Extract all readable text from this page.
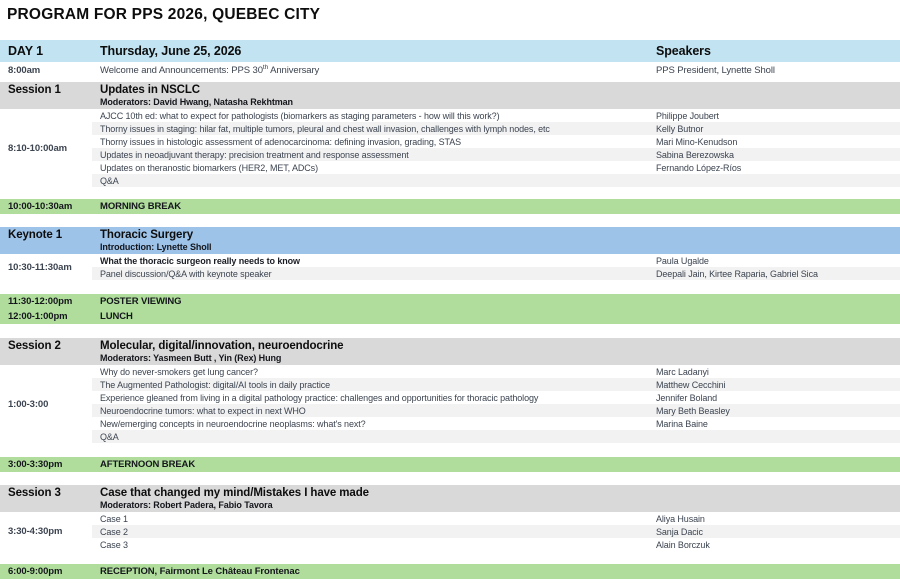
PROGRAM FOR PPS 2026, QUEBEC CITY
DAY 1	Thursday, June 25, 2026	Speakers
8:00am	Welcome and Announcements: PPS 30th Anniversary	PPS President, Lynette Sholl
Session 1	Updates in NSCLC
Moderators: David Hwang, Natasha Rekhtman
8:10-10:00am
AJCC 10th ed: what to expect for pathologists (biomarkers as staging parameters - how will this work?)	Philippe Joubert
Thorny issues in staging: hilar fat, multiple tumors, pleural and chest wall invasion, challenges with lymph nodes, etc	Kelly Butnor
Thorny issues in histologic assessment of adenocarcinoma: defining invasion, grading, STAS	Mari Mino-Kenudson
Updates in neoadjuvant therapy: precision treatment and response assessment	Sabina Berezowska
Updates on theranostic biomarkers (HER2, MET, ADCs)	Fernando López-Ríos
Q&A
10:00-10:30am	MORNING BREAK
Keynote 1	Thoracic Surgery
Introduction: Lynette Sholl
10:30-11:30am
What the thoracic surgeon really needs to know	Paula Ugalde
Panel discussion/Q&A with keynote speaker	Deepali Jain, Kirtee Raparia, Gabriel Sica
11:30-12:00pm	POSTER VIEWING
12:00-1:00pm	LUNCH
Session 2	Molecular, digital/innovation, neuroendocrine
Moderators: Yasmeen Butt , Yin (Rex) Hung
1:00-3:00
Why do never-smokers get lung cancer?	Marc Ladanyi
The Augmented Pathologist: digital/AI tools in daily practice	Matthew Cecchini
Experience gleaned from living in a digital pathology practice: challenges and opportunities for thoracic pathology	Jennifer Boland
Neuroendocrine tumors: what to expect in next WHO	Mary Beth Beasley
New/emerging concepts in neuroendocrine neoplasms: what's next?	Marina Baine
Q&A
3:00-3:30pm	AFTERNOON BREAK
Session 3	Case that changed my mind/Mistakes I have made
Moderators: Robert Padera, Fabio Tavora
3:30-4:30pm
Case 1	Aliya Husain
Case 2	Sanja Dacic
Case 3	Alain Borczuk
6:00-9:00pm	RECEPTION, Fairmont Le Château Frontenac
